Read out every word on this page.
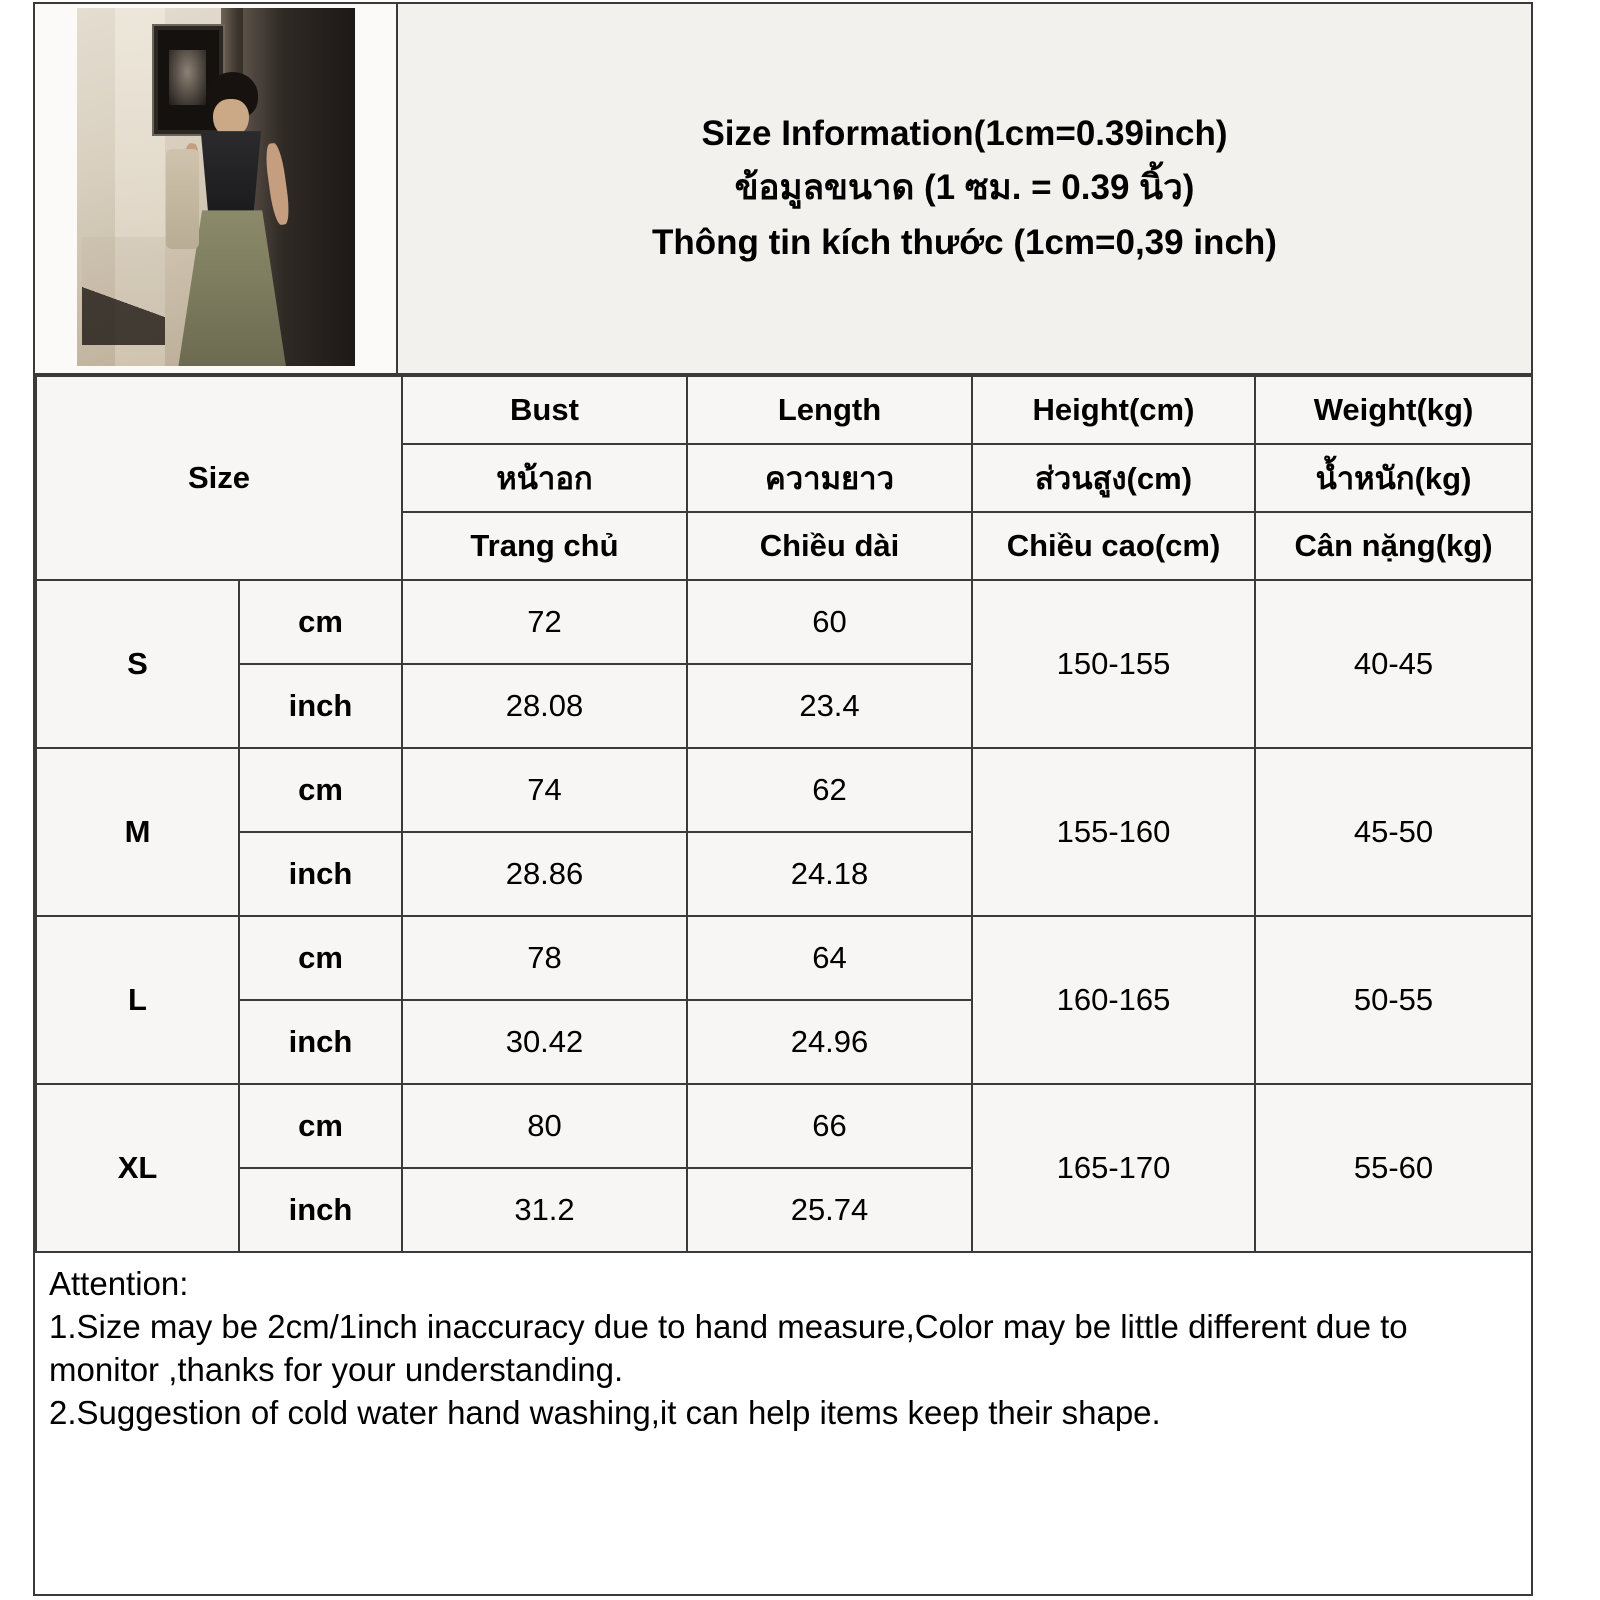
Size Information(1cm=0.39inch)
ข้อมูลขนาด (1 ซม. = 0.39 นิ้ว)
Thông tin kích thước (1cm=0,39 inch)
Size		Bust	Length	Height(cm)	Weight(kg)
		หน้าอก	ความยาว	ส่วนสูง(cm)	น้ำหนัก(kg)
		Trang chủ	Chiều dài	Chiều cao(cm)	Cân nặng(kg)
S	cm	72	60	150-155	40-45
	inch	28.08	23.4		
M	cm	74	62	155-160	45-50
	inch	28.86	24.18		
L	cm	78	64	160-165	50-55
	inch	30.42	24.96		
XL	cm	80	66	165-170	55-60
	inch	31.2	25.74		
Attention:
1.Size may be 2cm/1inch inaccuracy due to hand measure,Color may be little different due to monitor ,thanks for your understanding.
2.Suggestion of cold water hand washing,it can help items keep their shape.
